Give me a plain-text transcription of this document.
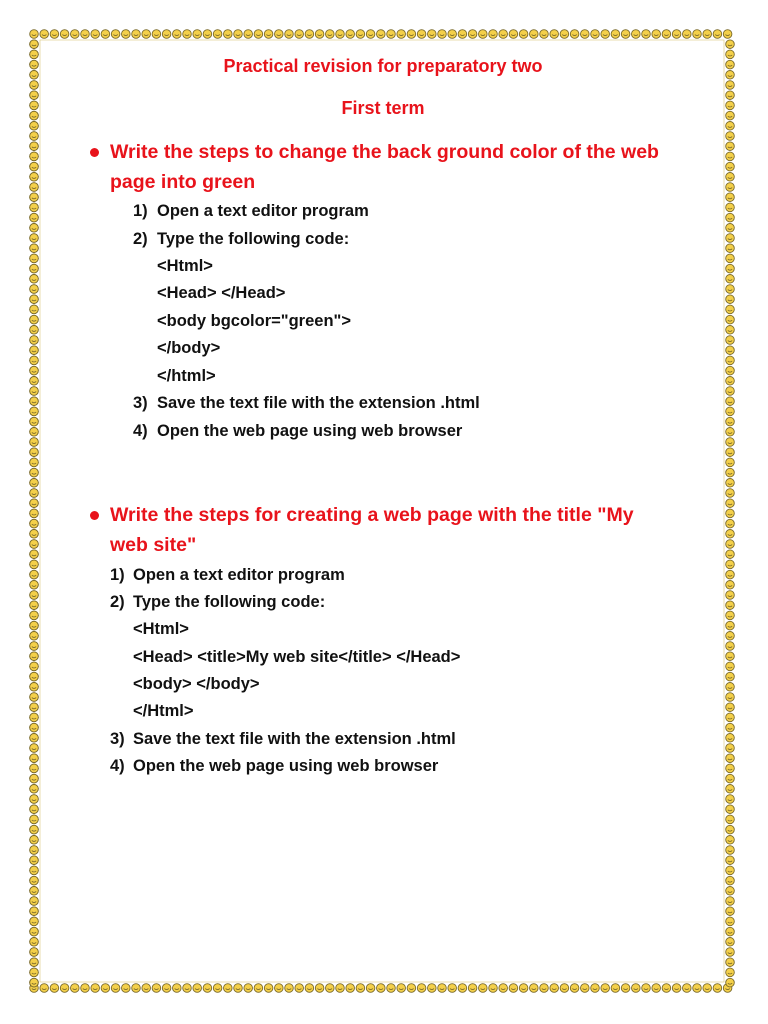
Practical revision for preparatory two
First term
Write the steps to change the back ground color of the web
page into green
1) Open a text editor program
2) Type the following code:
<Html>
<Head> </Head>
<body bgcolor="green">
</body>
</html>
3) Save the text file with the extension .html
4) Open the web page using web browser
Write the steps for creating a web page with the title "My
web site"
1) Open a text editor program
2) Type the following code:
<Html>
<Head> <title>My web site</title> </Head>
<body> </body>
</Html>
3) Save the text file with the extension .html
4) Open the web page using web browser
